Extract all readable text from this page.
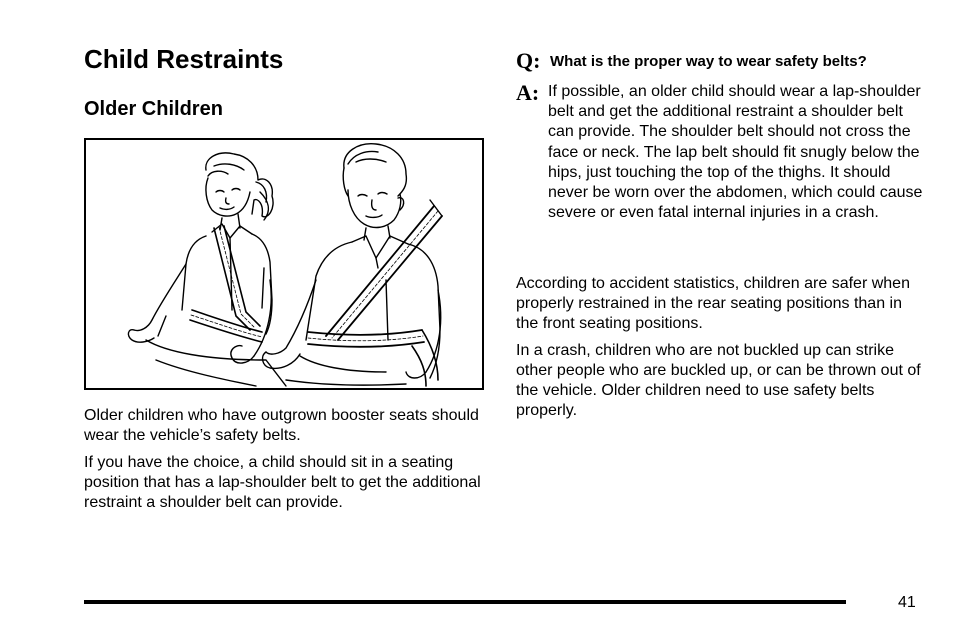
Child Restraints
Older Children

Older children who have outgrown booster seats should wear the vehicle’s safety belts.

If you have the choice, a child should sit in a seating position that has a lap-shoulder belt to get the additional restraint a shoulder belt can provide.

Q: What is the proper way to wear safety belts?
A: If possible, an older child should wear a lap-shoulder belt and get the additional restraint a shoulder belt can provide. The shoulder belt should not cross the face or neck. The lap belt should fit snugly below the hips, just touching the top of the thighs. It should never be worn over the abdomen, which could cause severe or even fatal internal injuries in a crash.

According to accident statistics, children are safer when properly restrained in the rear seating positions than in the front seating positions.

In a crash, children who are not buckled up can strike other people who are buckled up, or can be thrown out of the vehicle. Older children need to use safety belts properly.

41
